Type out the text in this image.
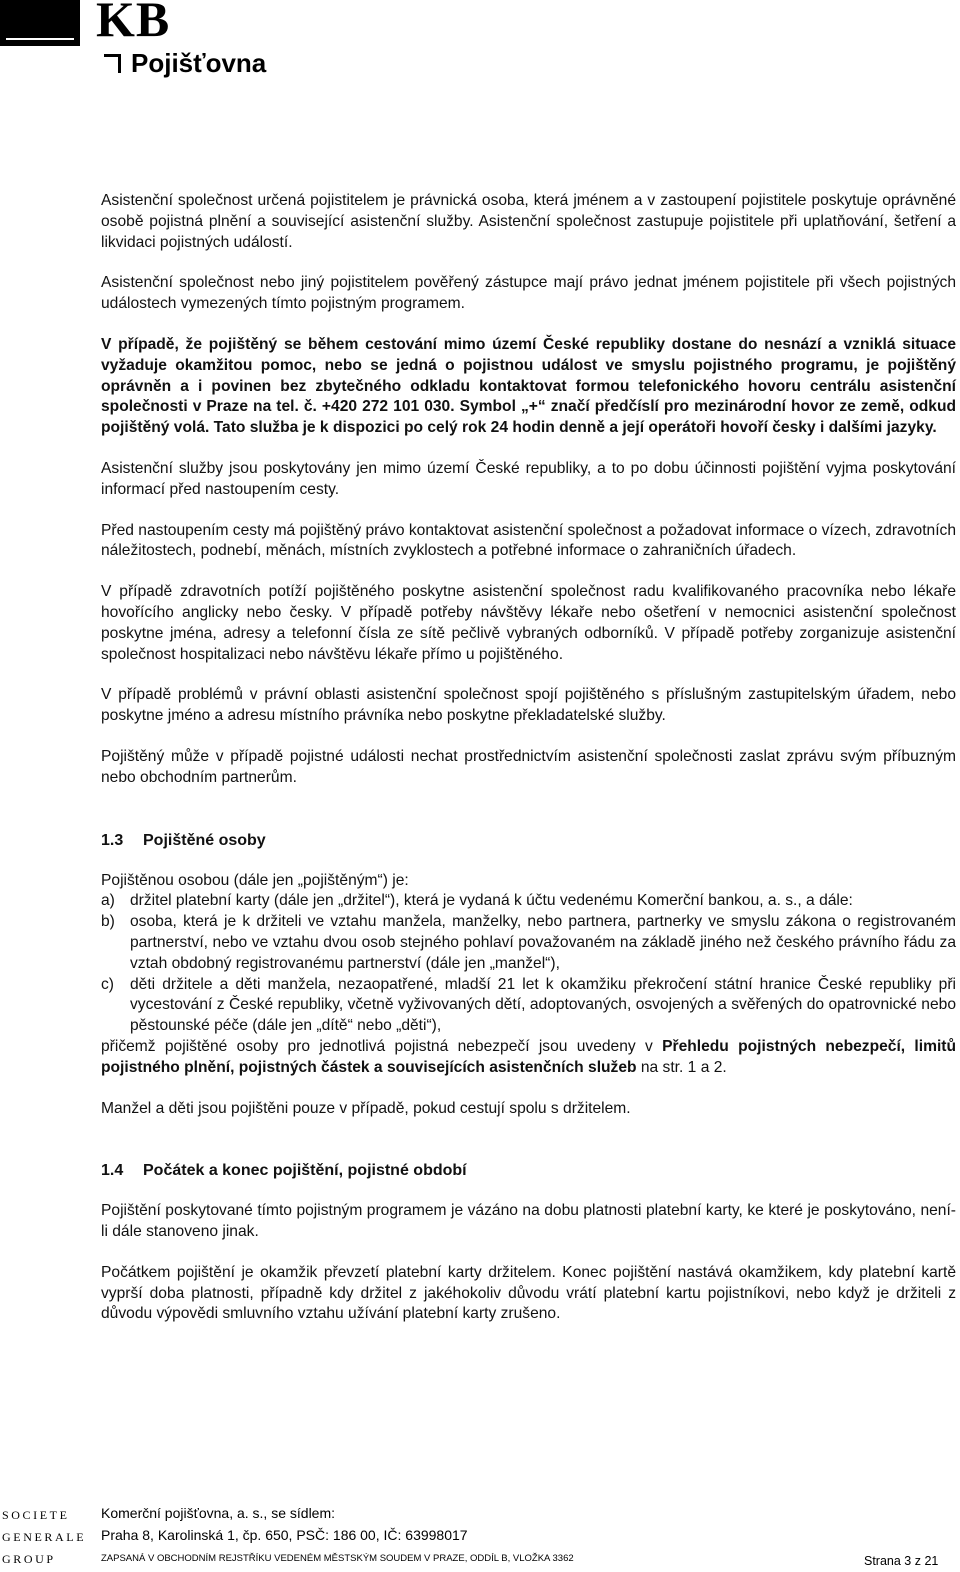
KB
Pojišťovna

Asistenční společnost určená pojistitelem je právnická osoba, která jménem a v zastoupení pojistitele poskytuje oprávněné osobě pojistná plnění a související asistenční služby. Asistenční společnost zastupuje pojistitele při uplatňování, šetření a likvidaci pojistných událostí.

Asistenční společnost nebo jiný pojistitelem pověřený zástupce mají právo jednat jménem pojistitele při všech pojistných událostech vymezených tímto pojistným programem.

V případě, že pojištěný se během cestování mimo území České republiky dostane do nesnází a vzniklá situace vyžaduje okamžitou pomoc, nebo se jedná o pojistnou událost ve smyslu pojistného programu, je pojištěný oprávněn a i povinen bez zbytečného odkladu kontaktovat formou telefonického hovoru centrálu asistenční společnosti v Praze na tel. č. +420 272 101 030. Symbol „+“ značí předčíslí pro mezinárodní hovor ze země, odkud pojištěný volá. Tato služba je k dispozici po celý rok 24 hodin denně a její operátoři hovoří česky i dalšími jazyky.

Asistenční služby jsou poskytovány jen mimo území České republiky, a to po dobu účinnosti pojištění vyjma poskytování informací před nastoupením cesty.

Před nastoupením cesty má pojištěný právo kontaktovat asistenční společnost a požadovat informace o vízech, zdravotních náležitostech, podnebí, měnách, místních zvyklostech a potřebné informace o zahraničních úřadech.

V případě zdravotních potíží pojištěného poskytne asistenční společnost radu kvalifikovaného pracovníka nebo lékaře hovořícího anglicky nebo česky. V případě potřeby návštěvy lékaře nebo ošetření v nemocnici asistenční společnost poskytne jména, adresy a telefonní čísla ze sítě pečlivě vybraných odborníků. V případě potřeby zorganizuje asistenční společnost hospitalizaci nebo návštěvu lékaře přímo u pojištěného.

V případě problémů v právní oblasti asistenční společnost spojí pojištěného s příslušným zastupitelským úřadem, nebo poskytne jméno a adresu místního právníka nebo poskytne překladatelské služby.

Pojištěný může v případě pojistné události nechat prostřednictvím asistenční společnosti zaslat zprávu svým příbuzným nebo obchodním partnerům.

1.3 Pojištěné osoby

Pojištěnou osobou (dále jen „pojištěným“) je:

a) držitel platební karty (dále jen „držitel“), která je vydaná k účtu vedenému Komerční bankou, a. s., a dále:
b) osoba, která je k držiteli ve vztahu manžela, manželky, nebo partnera, partnerky ve smyslu zákona o registrovaném partnerství, nebo ve vztahu dvou osob stejného pohlaví považovaném na základě jiného než českého právního řádu za vztah obdobný registrovanému partnerství (dále jen „manžel“),
c) děti držitele a děti manžela, nezaopatřené, mladší 21 let k okamžiku překročení státní hranice České republiky při vycestování z České republiky, včetně vyživovaných dětí, adoptovaných, osvojených a svěřených do opatrovnické nebo pěstounské péče (dále jen „dítě“ nebo „děti“),

přičemž pojištěné osoby pro jednotlivá pojistná nebezpečí jsou uvedeny v Přehledu pojistných nebezpečí, limitů pojistného plnění, pojistných částek a souvisejících asistenčních služeb na str. 1 a 2.

Manžel a děti jsou pojištěni pouze v případě, pokud cestují spolu s držitelem.

1.4 Počátek a konec pojištění, pojistné období

Pojištění poskytované tímto pojistným programem je vázáno na dobu platnosti platební karty, ke které je poskytováno, není-li dále stanoveno jinak.

Počátkem pojištění je okamžik převzetí platební karty držitelem. Konec pojištění nastává okamžikem, kdy platební kartě vyprší doba platnosti, případně kdy držitel z jakéhokoliv důvodu vrátí platební kartu pojistníkovi, nebo když je držiteli z důvodu výpovědi smluvního vztahu užívání platební karty zrušeno.

SOCIETE
GENERALE
GROUP
Komerční pojišťovna, a. s., se sídlem:
Praha 8, Karolinská 1, čp. 650, PSČ: 186 00, IČ: 63998017
ZAPSANÁ V OBCHODNÍM REJSTŘÍKU VEDENÉM MĚSTSKÝM SOUDEM V PRAZE, ODDÍL B, VLOŽKA 3362	Strana 3 z 21
